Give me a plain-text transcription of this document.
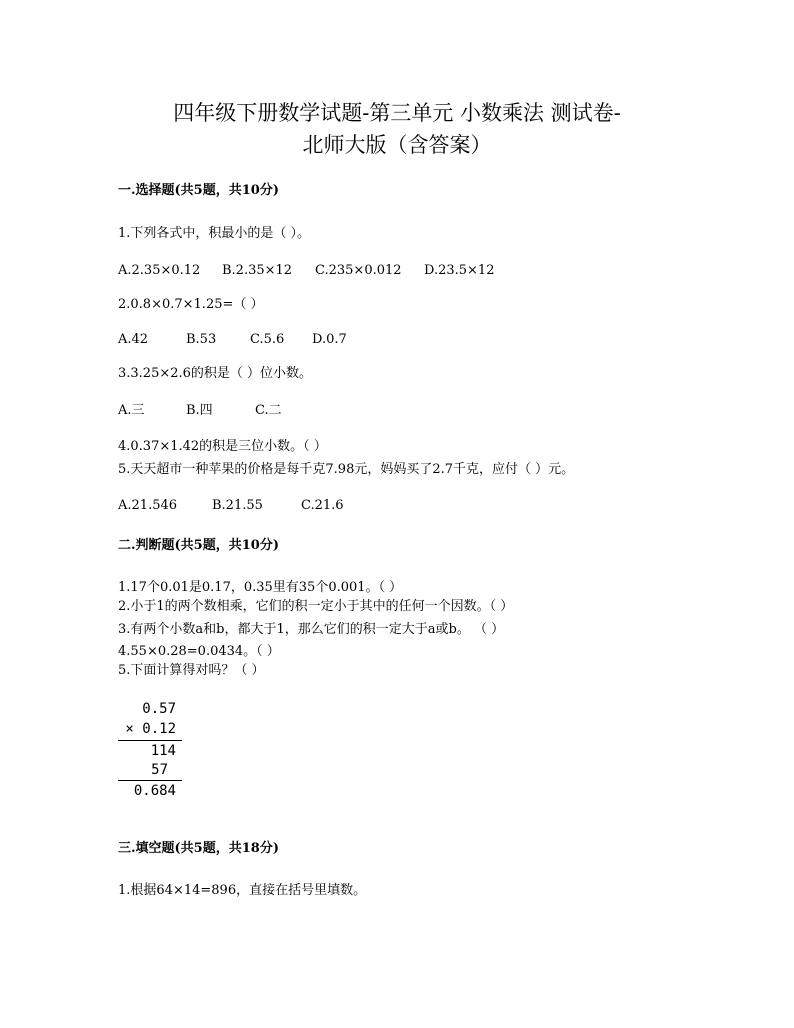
四年级下册数学试题-第三单元 小数乘法 测试卷-
北师大版（含答案）
一.选择题(共5题，共10分)
1.下列各式中，积最小的是（ ）。
A.2.35×0.12 B.2.35×12 C.235×0.012 D.23.5×12
2.0.8×0.7×1.25=（ ）
A.42	B.53	C.5.6 D.0.7
3.3.25×2.6的积是（ ）位小数。
A.三	B.四	C.二
4.0.37×1.42的积是三位小数。（ ）
5.天天超市一种苹果的价格是每千克7.98元，妈妈买了2.7千克，应付（ ）元。
A.21.546	B.21.55	C.21.6
二.判断题(共5题，共10分)
1.17个0.01是0.17，0.35里有35个0.001。（ ）
2.小于1的两个数相乘，它们的积一定小于其中的任何一个因数。（ ）
3.有两个小数a和b，都大于1，那么它们的积一定大于a或b。 （ ）
4.55×0.28=0.0434。（ ）
5.下面计算得对吗？（ ）
0.57
× 0.12
114
57
0.684
三.填空题(共5题，共18分)
1.根据64×14=896，直接在括号里填数。
